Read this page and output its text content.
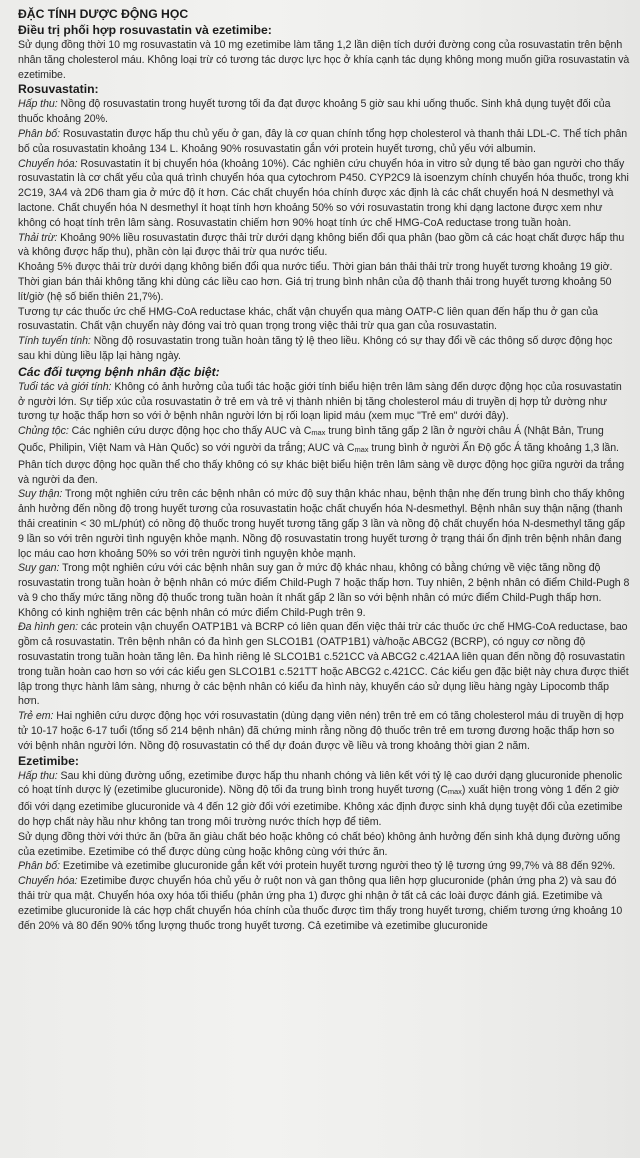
ĐẶC TÍNH DƯỢC ĐỘNG HỌC
Điều trị phối hợp rosuvastatin và ezetimibe:

Sử dụng đồng thời 10 mg rosuvastatin và 10 mg ezetimibe làm tăng 1,2 lần diện tích dưới đường cong của rosuvastatin trên bệnh nhân tăng cholesterol máu. Không loại trừ có tương tác dược lực học ở khía cạnh tác dụng không mong muốn giữa rosuvastatin và ezetimibe.

Rosuvastatin:

Hấp thu: Nồng độ rosuvastatin trong huyết tương tối đa đạt được khoảng 5 giờ sau khi uống thuốc. Sinh khả dụng tuyệt đối của thuốc khoảng 20%.

Phân bố: Rosuvastatin được hấp thu chủ yếu ở gan, đây là cơ quan chính tổng hợp cholesterol và thanh thải LDL-C. Thể tích phân bố của rosuvastatin khoảng 134 L. Khoảng 90% rosuvastatin gắn với protein huyết tương, chủ yếu với albumin.

Chuyển hóa: Rosuvastatin ít bị chuyển hóa (khoảng 10%). Các nghiên cứu chuyển hóa in vitro sử dụng tế bào gan người cho thấy rosuvastatin là cơ chất yếu của quá trình chuyển hóa qua cytochrom P450. CYP2C9 là isoenzym chính chuyển hóa thuốc, trong khi 2C19, 3A4 và 2D6 tham gia ở mức độ ít hơn. Các chất chuyển hóa chính được xác định là các chất chuyển hoá N desmethyl và lactone. Chất chuyển hóa N desmethyl ít hoạt tính hơn khoảng 50% so với rosuvastatin trong khi dạng lactone được xem như không có hoạt tính trên lâm sàng. Rosuvastatin chiếm hơn 90% hoạt tính ức chế HMG-CoA reductase trong tuần hoàn.

Thải trừ: Khoảng 90% liều rosuvastatin được thải trừ dưới dạng không biến đổi qua phân (bao gồm cả các hoạt chất được hấp thu và không được hấp thu), phần còn lại được thải trừ qua nước tiểu.

Khoảng 5% được thải trừ dưới dạng không biến đổi qua nước tiểu. Thời gian bán thải thải trừ trong huyết tương khoảng 19 giờ. Thời gian bán thải không tăng khi dùng các liều cao hơn. Giá trị trung bình nhân của độ thanh thải trong huyết tương khoảng 50 lít/giờ (hệ số biến thiên 21,7%).

Tương tự các thuốc ức chế HMG-CoA reductase khác, chất vận chuyển qua màng OATP-C liên quan đến hấp thu ở gan của rosuvastatin. Chất vận chuyển này đóng vai trò quan trọng trong việc thải trừ qua gan của rosuvastatin.

Tính tuyến tính: Nồng độ rosuvastatin trong tuần hoàn tăng tỷ lệ theo liều. Không có sự thay đổi về các thông số dược động học sau khi dùng liều lặp lại hàng ngày.

Các đối tượng bệnh nhân đặc biệt:

Tuổi tác và giới tính: Không có ảnh hưởng của tuổi tác hoặc giới tính biểu hiện trên lâm sàng đến dược động học của rosuvastatin ở người lớn. Sự tiếp xúc của rosuvastatin ở trẻ em và trẻ vị thành nhiên bị tăng cholesterol máu di truyền dị hợp tử dường như tương tự hoặc thấp hơn so với ở bệnh nhân người lớn bị rối loạn lipid máu (xem mục "Trẻ em" dưới đây).

Chủng tộc: Các nghiên cứu dược động học cho thấy AUC và Cmax trung bình tăng gấp 2 lần ở người châu Á (Nhật Bản, Trung Quốc, Philipin, Việt Nam và Hàn Quốc) so với người da trắng; AUC và Cmax trung bình ở người Ấn Độ gốc Á tăng khoảng 1,3 lần.

Phân tích dược động học quần thể cho thấy không có sự khác biệt biểu hiện trên lâm sàng về dược động học giữa người da trắng và người da đen.

Suy thận: Trong một nghiên cứu trên các bệnh nhân có mức độ suy thận khác nhau, bệnh thận nhẹ đến trung bình cho thấy không ảnh hưởng đến nồng độ trong huyết tương của rosuvastatin hoặc chất chuyển hóa N-desmethyl. Bệnh nhân suy thận nặng (thanh thải creatinin < 30 mL/phút) có nồng độ thuốc trong huyết tương tăng gấp 3 lần và nồng độ chất chuyển hóa N-desmethyl tăng gấp 9 lần so với trên người tình nguyện khỏe mạnh. Nồng độ rosuvastatin trong huyết tương ở trạng thái ổn định trên bệnh nhân đang lọc máu cao hơn khoảng 50% so với trên người tình nguyện khỏe mạnh.

Suy gan: Trong một nghiên cứu với các bệnh nhân suy gan ở mức độ khác nhau, không có bằng chứng về việc tăng nồng độ rosuvastatin trong tuần hoàn ở bệnh nhân có mức điểm Child-Pugh 7 hoặc thấp hơn. Tuy nhiên, 2 bệnh nhân có điểm Child-Pugh 8 và 9 cho thấy mức tăng nồng độ thuốc trong tuần hoàn ít nhất gấp 2 lần so với bệnh nhân có mức điểm Child-Pugh thấp hơn.

Không có kinh nghiệm trên các bệnh nhân có mức điểm Child-Pugh trên 9.

Đa hình gen: các protein vận chuyển OATP1B1 và BCRP có liên quan đến việc thải trừ các thuốc ức chế HMG-CoA reductase, bao gồm cả rosuvastatin. Trên bệnh nhân có đa hình gen SLCO1B1 (OATP1B1) và/hoặc ABCG2 (BCRP), có nguy cơ nồng độ rosuvastatin trong tuần hoàn tăng lên. Đa hình riêng lẻ SLCO1B1 c.521CC và ABCG2 c.421AA liên quan đến nồng độ rosuvastatin trong tuần hoàn cao hơn so với các kiểu gen SLCO1B1 c.521TT hoặc ABCG2 c.421CC. Các kiểu gen đặc biệt này chưa được thiết lập trong thực hành lâm sàng, nhưng ở các bệnh nhân có kiểu đa hình này, khuyến cáo sử dụng liều hàng ngày Lipocomb thấp hơn.

Trẻ em: Hai nghiên cứu dược động học với rosuvastatin (dùng dạng viên nén) trên trẻ em có tăng cholesterol máu di truyền dị hợp tử 10-17 hoặc 6-17 tuổi (tổng số 214 bệnh nhân) đã chứng minh rằng nồng độ thuốc trên trẻ em tương đương hoặc thấp hơn so với bệnh nhân người lớn. Nồng độ rosuvastatin có thể dự đoán được về liều và trong khoảng thời gian 2 năm.

Ezetimibe:

Hấp thu: Sau khi dùng đường uống, ezetimibe được hấp thu nhanh chóng và liên kết với tỷ lệ cao dưới dạng glucuronide phenolic có hoạt tính dược lý (ezetimibe glucuronide). Nồng độ tối đa trung bình trong huyết tương (Cmax) xuất hiện trong vòng 1 đến 2 giờ đối với dạng ezetimibe glucuronide và 4 đến 12 giờ đối với ezetimibe. Không xác định được sinh khả dụng tuyệt đối của ezetimibe do hợp chất này hầu như không tan trong môi trường nước thích hợp để tiêm.

Sử dụng đồng thời với thức ăn (bữa ăn giàu chất béo hoặc không có chất béo) không ảnh hưởng đến sinh khả dụng đường uống của ezetimibe. Ezetimibe có thể được dùng cùng hoặc không cùng với thức ăn.

Phân bố: Ezetimibe và ezetimibe glucuronide gắn kết với protein huyết tương người theo tỷ lệ tương ứng 99,7% và 88 đến 92%.

Chuyển hóa: Ezetimibe được chuyển hóa chủ yếu ở ruột non và gan thông qua liên hợp glucuronide (phản ứng pha 2) và sau đó thải trừ qua mật. Chuyển hóa oxy hóa tối thiểu (phản ứng pha 1) được ghi nhận ở tất cả các loài được đánh giá. Ezetimibe và ezetimibe glucuronide là các hợp chất chuyển hóa chính của thuốc được tìm thấy trong huyết tương, chiếm tương ứng khoảng 10 đến 20% và 80 đến 90% tổng lượng thuốc trong huyết tương. Cả ezetimibe và ezetimibe glucuronide
